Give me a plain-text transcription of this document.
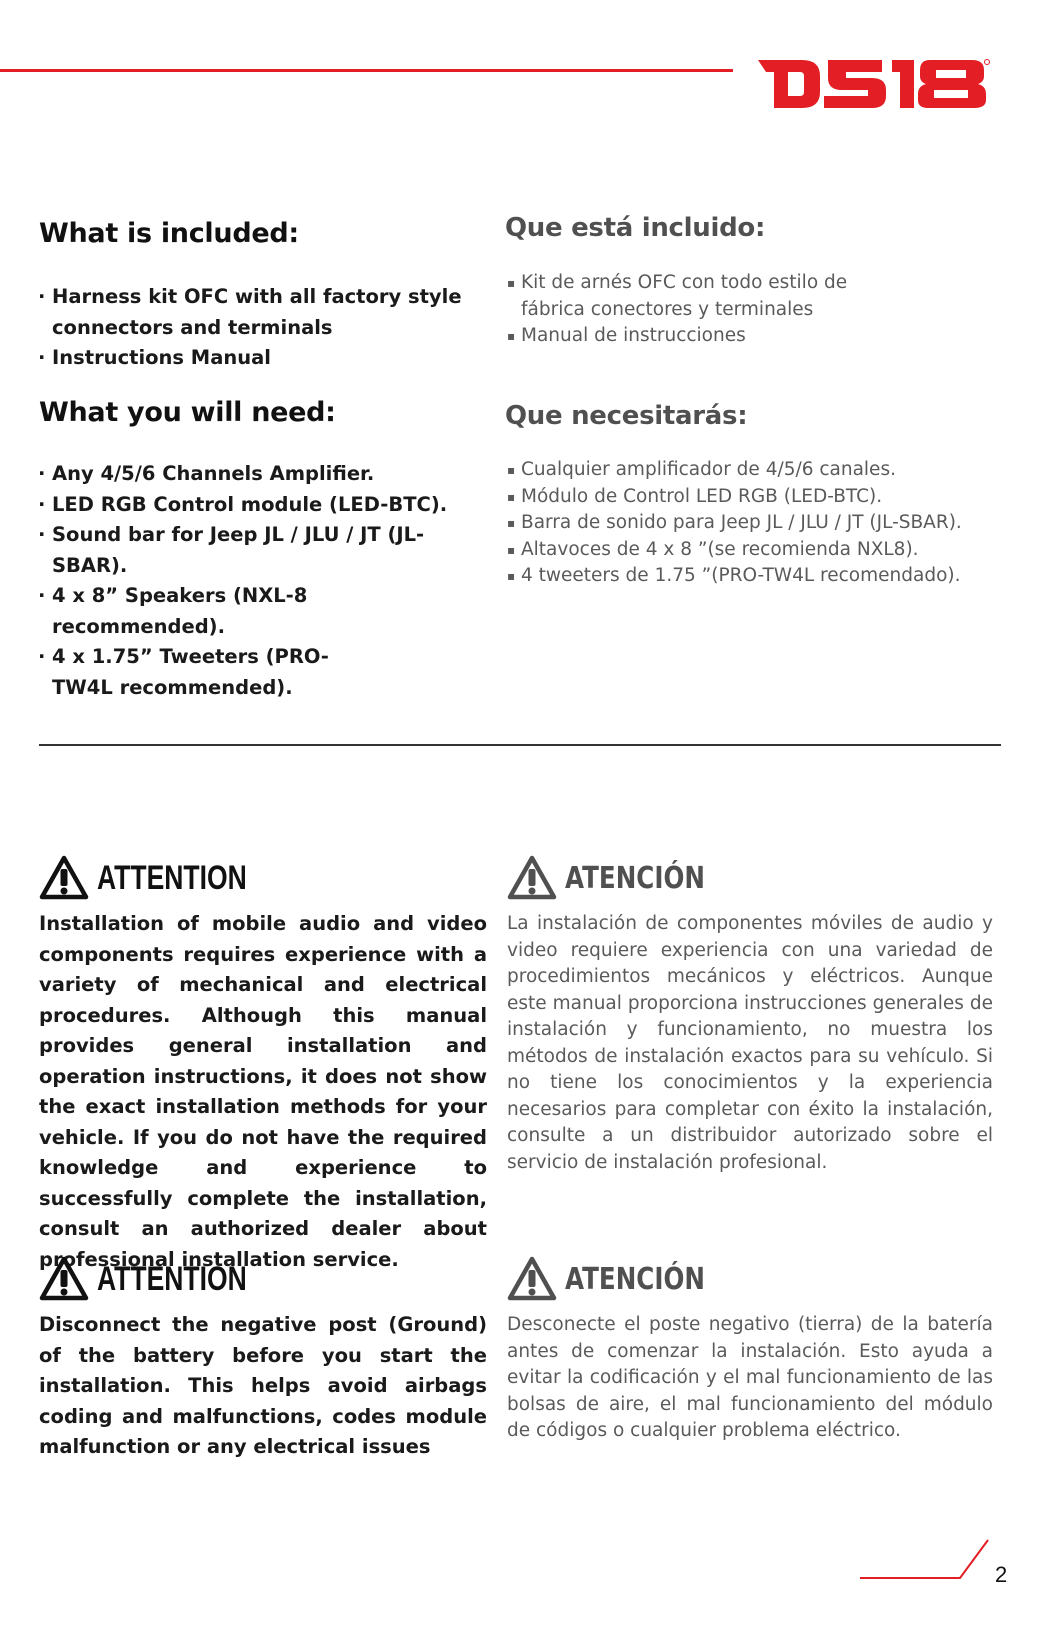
What is included:
· Harness kit OFC with all factory style connectors and terminals
· Instructions Manual
Que está incluido:
▪ Kit de arnés OFC con todo estilo de fábrica conectores y terminales
▪ Manual de instrucciones
What you will need:
· Any 4/5/6 Channels Amplifier.
· LED RGB Control module (LED-BTC).
· Sound bar for Jeep JL / JLU / JT (JL-SBAR).
· 4 x 8” Speakers (NXL-8 recommended).
· 4 x 1.75” Tweeters (PRO-TW4L recommended).
Que necesitarás:
▪ Cualquier amplificador de 4/5/6 canales.
▪ Módulo de Control LED RGB (LED-BTC).
▪ Barra de sonido para Jeep JL / JLU / JT (JL-SBAR).
▪ Altavoces de 4 x 8 ”(se recomienda NXL8).
▪ 4 tweeters de 1.75 ”(PRO-TW4L recomendado).
ATTENTION

Installation of mobile audio and video components requires experience with a variety of mechanical and electrical procedures. Although this manual provides general installation and operation instructions, it does not show the exact installation methods for your vehicle. If you do not have the required knowledge and experience to successfully complete the installation, consult an authorized dealer about professional installation service.

ATENCIÓN

La instalación de componentes móviles de audio y video requiere experiencia con una variedad de procedimientos mecánicos y eléctricos. Aunque este manual proporciona instrucciones generales de instalación y funcionamiento, no muestra los métodos de instalación exactos para su vehículo. Si no tiene los conocimientos y la experiencia necesarios para completar con éxito la instalación, consulte a un distribuidor autorizado sobre el servicio de instalación profesional.

ATTENTION

Disconnect the negative post (Ground) of the battery before you start the installation. This helps avoid airbags coding and malfunctions, codes module malfunction or any electrical issues

ATENCIÓN

Desconecte el poste negativo (tierra) de la batería antes de comenzar la instalación. Esto ayuda a evitar la codificación y el mal funcionamiento de las bolsas de aire, el mal funcionamiento del módulo de códigos o cualquier problema eléctrico.

2
